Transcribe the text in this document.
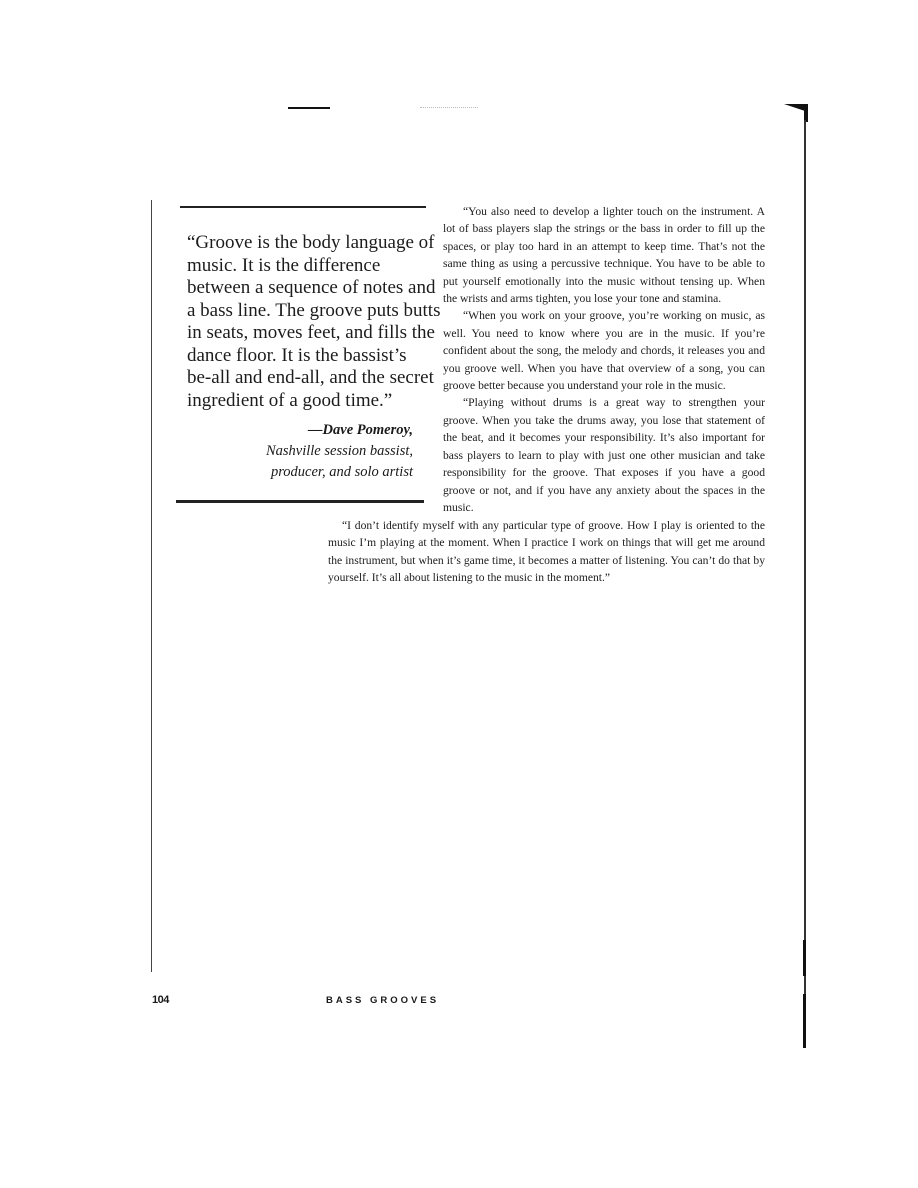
“Groove is the body language of
music. It is the difference
between a sequence of notes and
a bass line. The groove puts butts
in seats, moves feet, and fills the
dance floor. It is the bassist’s
be-all and end-all, and the secret
ingredient of a good time.”
—Dave Pomeroy,
Nashville session bassist,
producer, and solo artist

“You also need to develop a lighter touch on the instrument. A lot of bass players slap the strings or the bass in order to fill up the spaces, or play too hard in an attempt to keep time. That’s not the same thing as using a percussive technique. You have to be able to put yourself emotionally into the music without tensing up. When the wrists and arms tighten, you lose your tone and stamina.

“When you work on your groove, you’re working on music, as well. You need to know where you are in the music. If you’re confident about the song, the melody and chords, it releases you and you groove well. When you have that overview of a song, you can groove better because you understand your role in the music.

“Playing without drums is a great way to strengthen your groove. When you take the drums away, you lose that statement of the beat, and it becomes your responsibility. It’s also important for bass players to learn to play with just one other musician and take responsibility for the groove. That exposes if you have a good groove or not, and if you have any anxiety about the spaces in the music.

“I don’t identify myself with any particular type of groove. How I play is oriented to the music I’m playing at the moment. When I practice I work on things that will get me around the instrument, but when it’s game time, it becomes a matter of listening. You can’t do that by yourself. It’s all about listening to the music in the moment.”

104	BASS GROOVES
